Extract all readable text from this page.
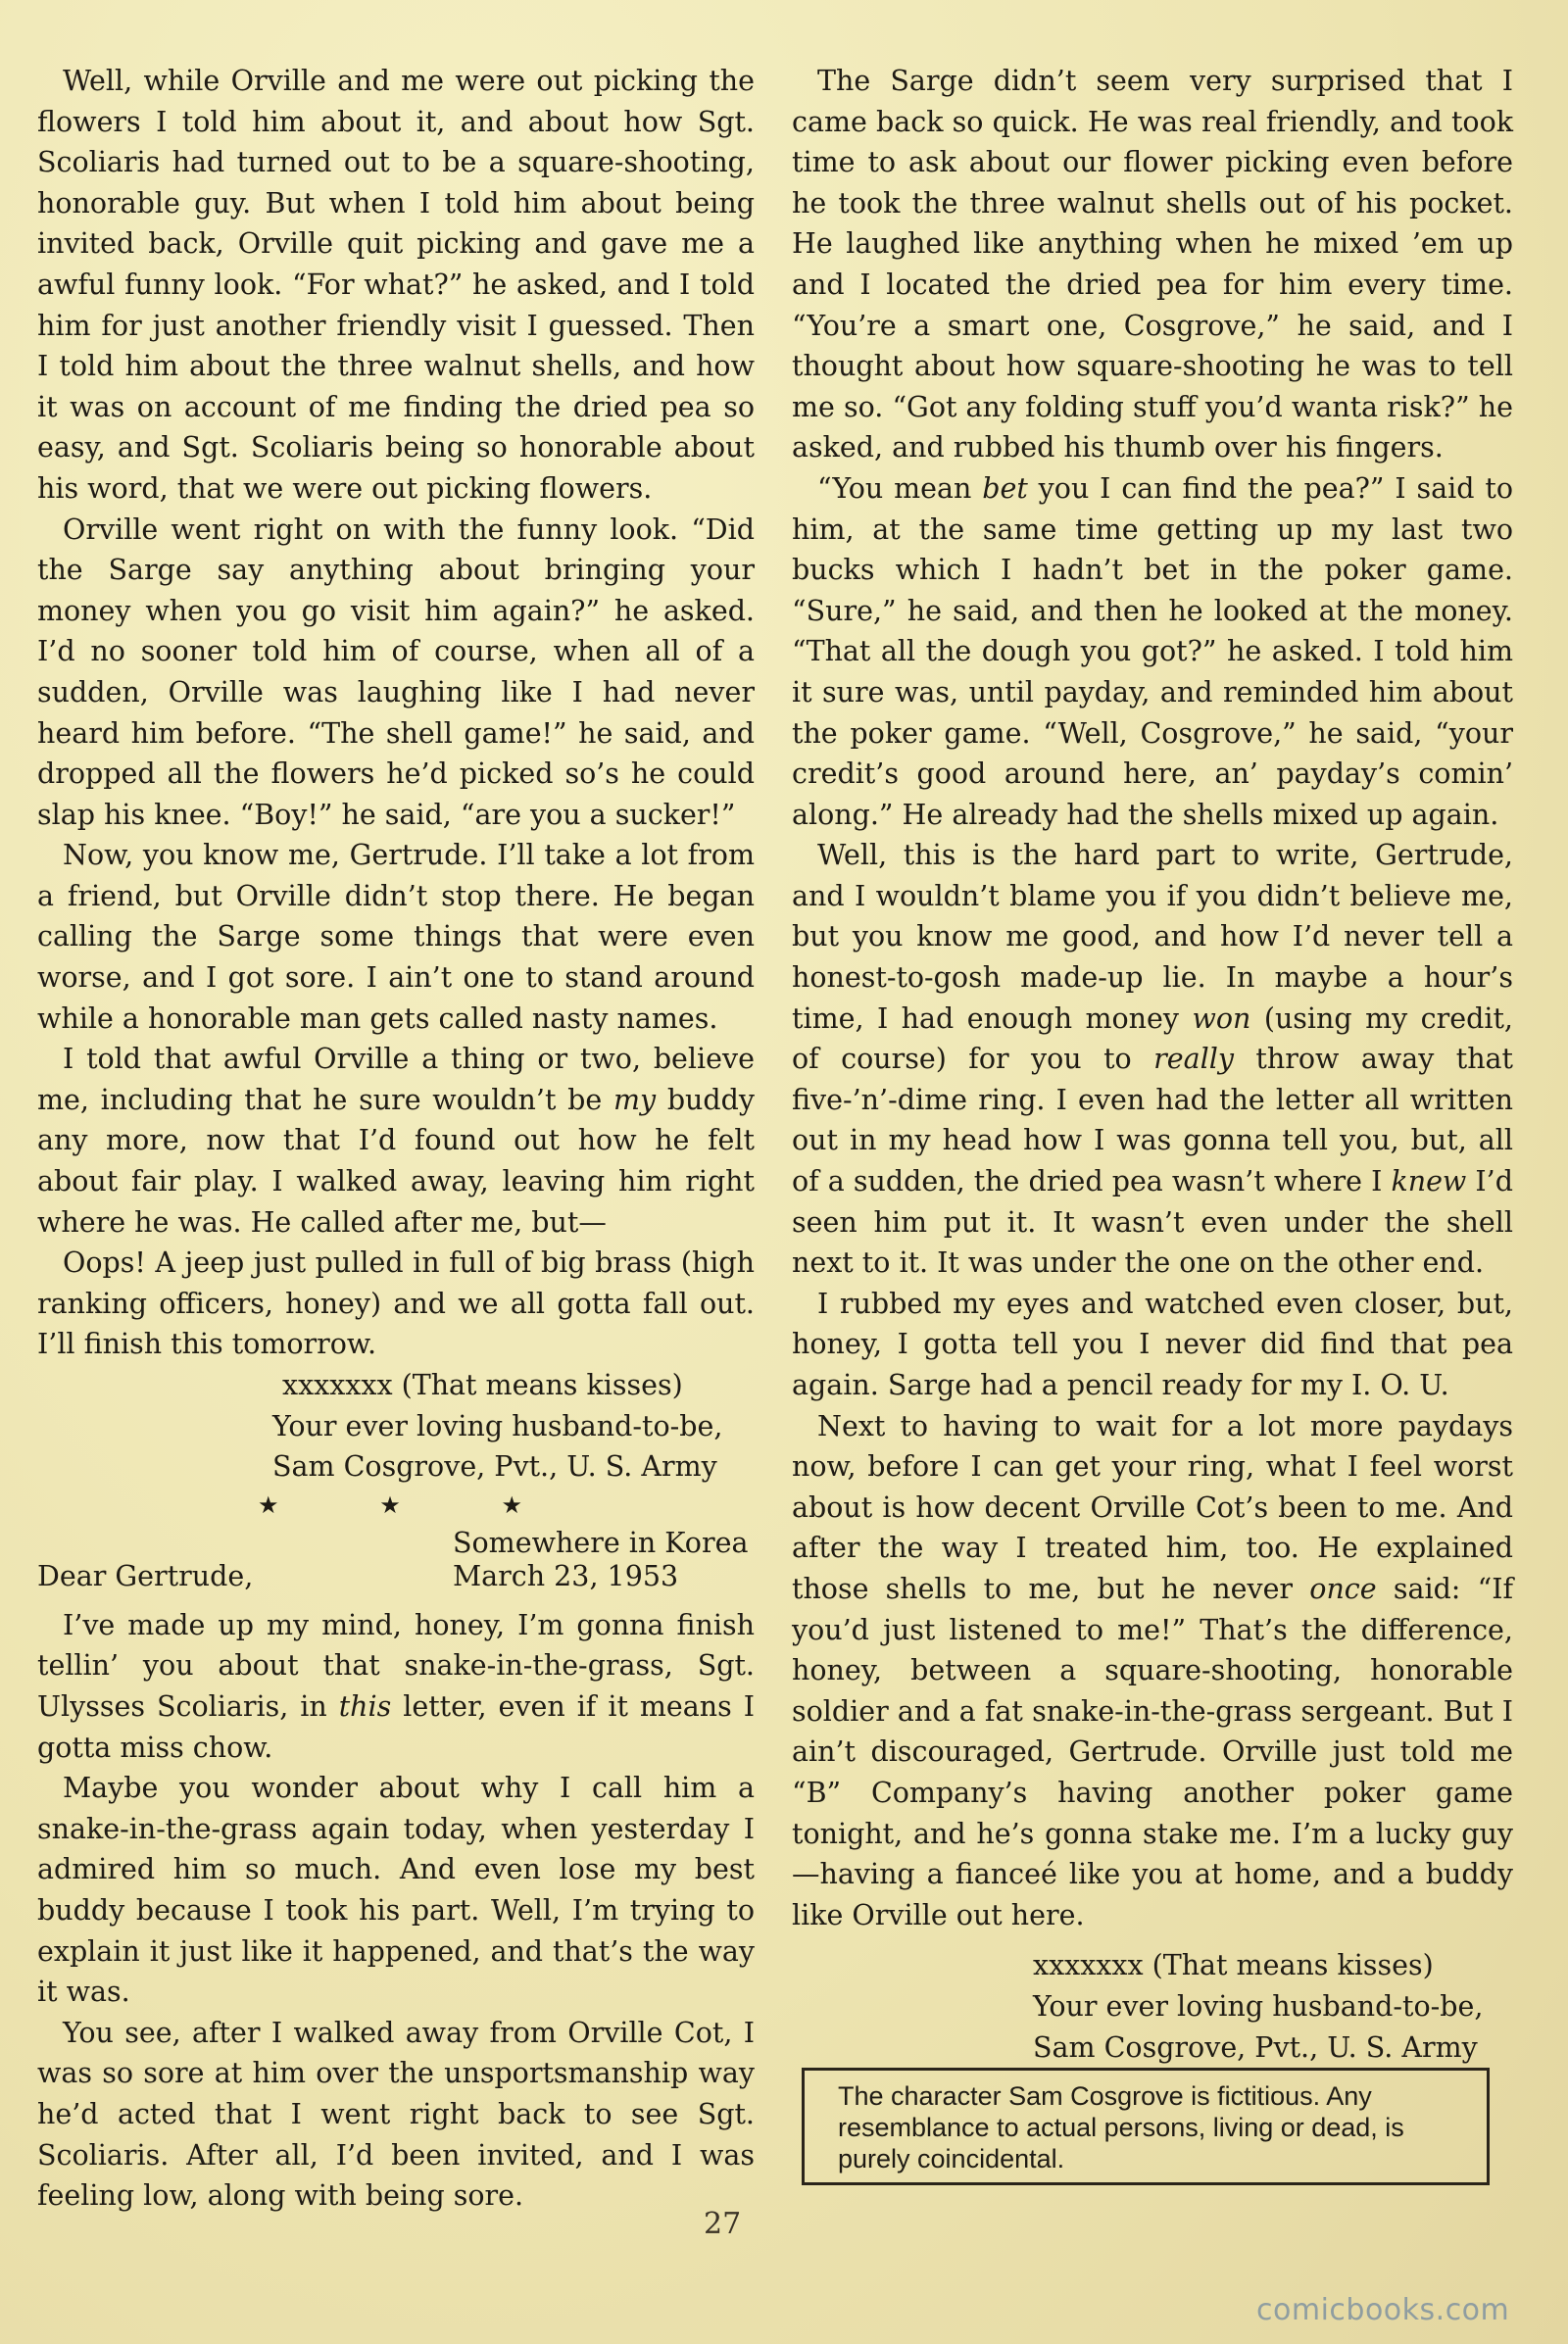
Well, while Orville and me were out picking the flowers I told him about it, and about how Sgt. Scoliaris had turned out to be a square-shooting, honorable guy. But when I told him about being invited back, Orville quit picking and gave me a awful funny look. “For what?” he asked, and I told him for just another friendly visit I guessed. Then I told him about the three walnut shells, and how it was on account of me finding the dried pea so easy, and Sgt. Scoliaris being so honorable about his word, that we were out picking flowers.

Orville went right on with the funny look. “Did the Sarge say anything about bringing your money when you go visit him again?” he asked. I’d no sooner told him of course, when all of a sudden, Orville was laughing like I had never heard him before. “The shell game!” he said, and dropped all the flowers he’d picked so’s he could slap his knee. “Boy!” he said, “are you a sucker!”

Now, you know me, Gertrude. I’ll take a lot from a friend, but Orville didn’t stop there. He began calling the Sarge some things that were even worse, and I got sore. I ain’t one to stand around while a honorable man gets called nasty names.

I told that awful Orville a thing or two, believe me, including that he sure wouldn’t be my buddy any more, now that I’d found out how he felt about fair play. I walked away, leaving him right where he was. He called after me, but—

Oops! A jeep just pulled in full of big brass (high ranking officers, honey) and we all gotta fall out. I’ll finish this tomorrow.

xxxxxxx (That means kisses)
Your ever loving husband-to-be,
Sam Cosgrove, Pvt., U. S. Army
★	★	★
Somewhere in Korea
Dear Gertrude,	March 23, 1953

I’ve made up my mind, honey, I’m gonna finish tellin’ you about that snake-in-the-grass, Sgt. Ulysses Scoliaris, in this letter, even if it means I gotta miss chow.

Maybe you wonder about why I call him a snake-in-the-grass again today, when yesterday I admired him so much. And even lose my best buddy because I took his part. Well, I’m trying to explain it just like it happened, and that’s the way it was.

You see, after I walked away from Orville Cot, I was so sore at him over the unsportsmanship way he’d acted that I went right back to see Sgt. Scoliaris. After all, I’d been invited, and I was feeling low, along with being sore.

The Sarge didn’t seem very surprised that I came back so quick. He was real friendly, and took time to ask about our flower picking even before he took the three walnut shells out of his pocket. He laughed like anything when he mixed ’em up and I located the dried pea for him every time. “You’re a smart one, Cosgrove,” he said, and I thought about how square-shooting he was to tell me so. “Got any folding stuff you’d wanta risk?” he asked, and rubbed his thumb over his fingers.

“You mean bet you I can find the pea?” I said to him, at the same time getting up my last two bucks which I hadn’t bet in the poker game. “Sure,” he said, and then he looked at the money. “That all the dough you got?” he asked. I told him it sure was, until payday, and reminded him about the poker game. “Well, Cosgrove,” he said, “your credit’s good around here, an’ payday’s comin’ along.” He already had the shells mixed up again.

Well, this is the hard part to write, Gertrude, and I wouldn’t blame you if you didn’t believe me, but you know me good, and how I’d never tell a honest-to-gosh made-up lie. In maybe a hour’s time, I had enough money won (using my credit, of course) for you to really throw away that five-’n’-dime ring. I even had the letter all written out in my head how I was gonna tell you, but, all of a sudden, the dried pea wasn’t where I knew I’d seen him put it. It wasn’t even under the shell next to it. It was under the one on the other end.

I rubbed my eyes and watched even closer, but, honey, I gotta tell you I never did find that pea again. Sarge had a pencil ready for my I. O. U.

Next to having to wait for a lot more paydays now, before I can get your ring, what I feel worst about is how decent Orville Cot’s been to me. And after the way I treated him, too. He explained those shells to me, but he never once said: “If you’d just listened to me!” That’s the difference, honey, between a square-shooting, honorable soldier and a fat snake-in-the-grass sergeant. But I ain’t discouraged, Gertrude. Orville just told me “B” Company’s having another poker game tonight, and he’s gonna stake me. I’m a lucky guy—having a fianceé like you at home, and a buddy like Orville out here.

xxxxxxx (That means kisses)
Your ever loving husband-to-be,
Sam Cosgrove, Pvt., U. S. Army
The character Sam Cosgrove is fictitious. Any resemblance to actual persons, living or dead, is purely coincidental.
27
comicbooks.com
